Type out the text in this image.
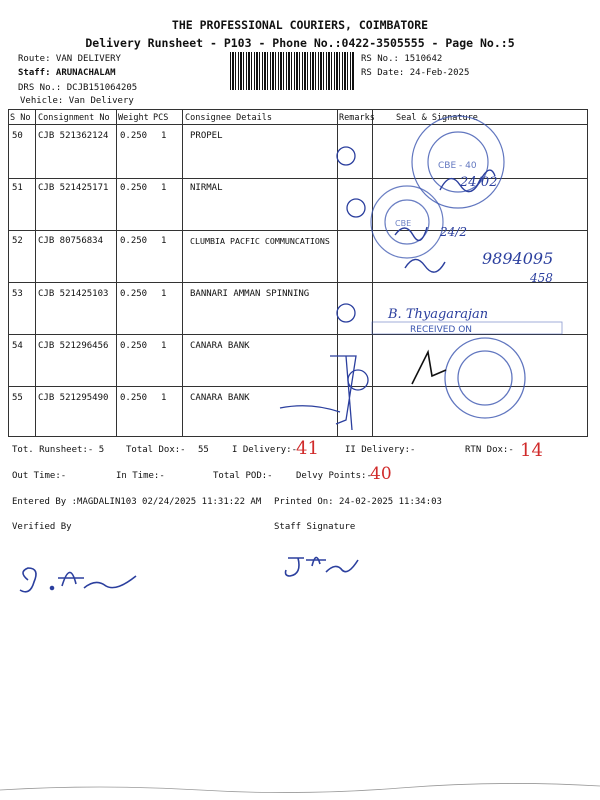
THE PROFESSIONAL COURIERS, COIMBATORE
Delivery Runsheet - P103 - Phone No.:0422-3505555 - Page No.:5
Route: VAN DELIVERY
Staff: ARUNACHALAM
DRS No.: DCJB151064205
Vehicle: Van Delivery
RS No.: 1510642
RS Date: 24-Feb-2025
S No Consignment No Weight PCS Consignee Details	Remarks Seal & Signature
50 CJB 521362124 0.250 1	PROPEL
51 CJB 521425171 0.250 1	NIRMAL
52 CJB 80756834 0.250 1	CLUMBIA PACFIC COMMUNCATIONS
53 CJB 521425103 0.250 1	BANNARI AMMAN SPINNING
54 CJB 521296456 0.250 1	CANARA BANK
55 CJB 521295490 0.250 1	CANARA BANK
CBE - 40
CBE
24/02
24/2
9894095
458
B. Thyagarajan
RECEIVED ON
Tot. Runsheet:- 5 Total Dox:- 55	I Delivery:-
41	II Delivery:-	RTN Dox:- 14
Out Time:-	In Time:-	Total POD:-	Delvy Points:-
40
Entered By :MAGDALIN103 02/24/2025 11:31:22 AM Printed On: 24-02-2025 11:34:03
Verified By	Staff Signature
